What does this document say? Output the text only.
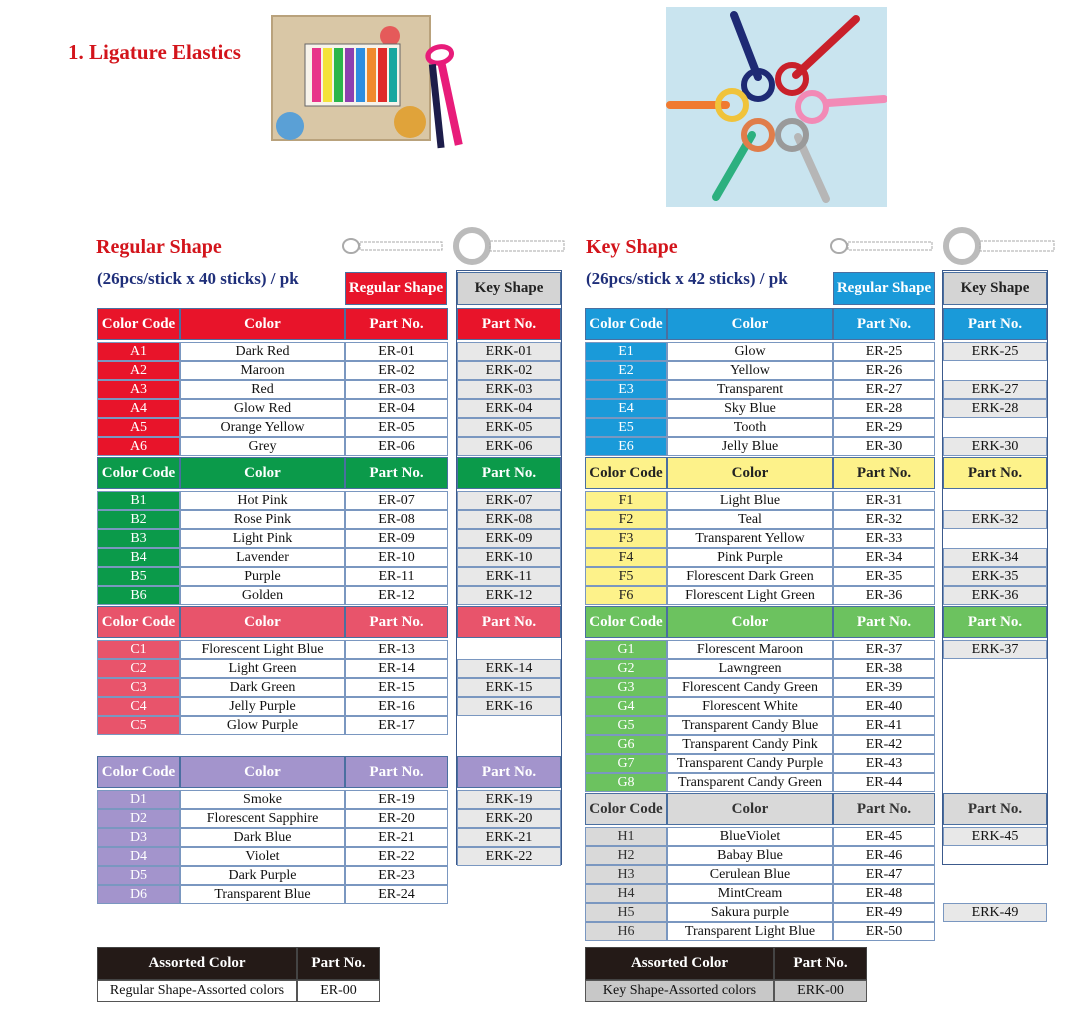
1. Ligature Elastics
Regular Shape
(26pcs/stick x 40 sticks) / pk
Key Shape
(26pcs/stick x 42 sticks) / pk
Regular Shape	Key Shape	Regular Shape	Key Shape
Color Code	Color	Part No.	Part No.
A1	Dark Red	ER-01	ERK-01
A2	Maroon	ER-02	ERK-02
A3	Red	ER-03	ERK-03
A4	Glow Red	ER-04	ERK-04
A5	Orange Yellow	ER-05	ERK-05
A6	Grey	ER-06	ERK-06
Color Code	Color	Part No.	Part No.
B1	Hot Pink	ER-07	ERK-07
B2	Rose Pink	ER-08	ERK-08
B3	Light Pink	ER-09	ERK-09
B4	Lavender	ER-10	ERK-10
B5	Purple	ER-11	ERK-11
B6	Golden	ER-12	ERK-12
Color Code	Color	Part No.	Part No.
C1	Florescent Light Blue	ER-13
C2	Light Green	ER-14	ERK-14
C3	Dark Green	ER-15	ERK-15
C4	Jelly Purple	ER-16	ERK-16
C5	Glow Purple	ER-17
Color Code	Color	Part No.	Part No.
D1	Smoke	ER-19	ERK-19
D2	Florescent Sapphire	ER-20	ERK-20
D3	Dark Blue	ER-21	ERK-21
D4	Violet	ER-22	ERK-22
D5	Dark Purple	ER-23
D6	Transparent Blue	ER-24
Color Code	Color	Part No.	Part No.
E1	Glow	ER-25	ERK-25
E2	Yellow	ER-26
E3	Transparent	ER-27	ERK-27
E4	Sky Blue	ER-28	ERK-28
E5	Tooth	ER-29
E6	Jelly Blue	ER-30	ERK-30
Color Code	Color	Part No.	Part No.
F1	Light Blue	ER-31
F2	Teal	ER-32	ERK-32
F3	Transparent Yellow	ER-33
F4	Pink Purple	ER-34	ERK-34
F5	Florescent Dark Green	ER-35	ERK-35
F6	Florescent Light Green	ER-36	ERK-36
Color Code	Color	Part No.	Part No.
G1	Florescent Maroon	ER-37	ERK-37
G2	Lawngreen	ER-38
G3	Florescent Candy Green	ER-39
G4	Florescent White	ER-40
G5	Transparent Candy Blue	ER-41
G6	Transparent Candy Pink	ER-42
G7	Transparent Candy Purple	ER-43
G8	Transparent Candy Green	ER-44
Color Code	Color	Part No.	Part No.
H1	BlueViolet	ER-45	ERK-45
H2	Babay Blue	ER-46
H3	Cerulean Blue	ER-47
H4	MintCream	ER-48
H5	Sakura purple	ER-49	ERK-49
H6	Transparent Light Blue	ER-50
Assorted Color	Part No.
Regular Shape-Assorted colors	ER-00
Assorted Color	Part No.
Key Shape-Assorted colors	ERK-00
